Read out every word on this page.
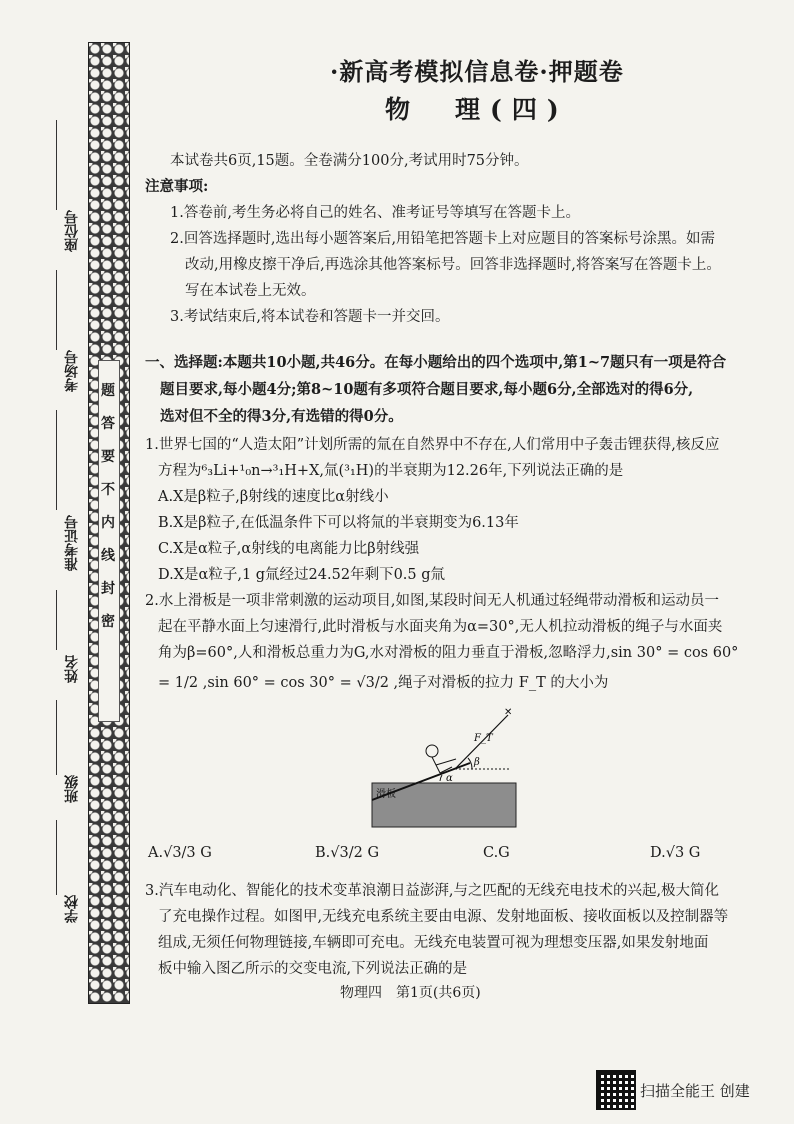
题
答
要
不
内
线
封
密
座位号
考场号
准考证号
姓名
班级
学校
·新高考模拟信息卷·押题卷
物　理(四)
本试卷共6页,15题。全卷满分100分,考试用时75分钟。
注意事项:
1.答卷前,考生务必将自己的姓名、准考证号等填写在答题卡上。
2.回答选择题时,选出每小题答案后,用铅笔把答题卡上对应题目的答案标号涂黑。如需
改动,用橡皮擦干净后,再选涂其他答案标号。回答非选择题时,将答案写在答题卡上。
写在本试卷上无效。
3.考试结束后,将本试卷和答题卡一并交回。
一、选择题:本题共10小题,共46分。在每小题给出的四个选项中,第1~7题只有一项是符合
题目要求,每小题4分;第8~10题有多项符合题目要求,每小题6分,全部选对的得6分,
选对但不全的得3分,有选错的得0分。
1.世界七国的“人造太阳”计划所需的氚在自然界中不存在,人们常用中子轰击锂获得,核反应
方程为⁶₃Li+¹₀n→³₁H+X,氚(³₁H)的半衰期为12.26年,下列说法正确的是
A.X是β粒子,β射线的速度比α射线小
B.X是β粒子,在低温条件下可以将氚的半衰期变为6.13年
C.X是α粒子,α射线的电离能力比β射线强
D.X是α粒子,1 g氚经过24.52年剩下0.5 g氚
2.水上滑板是一项非常刺激的运动项目,如图,某段时间无人机通过轻绳带动滑板和运动员一
起在平静水面上匀速滑行,此时滑板与水面夹角为α=30°,无人机拉动滑板的绳子与水面夹
角为β=60°,人和滑板总重力为G,水对滑板的阻力垂直于滑板,忽略浮力,sin 30° = cos 60°
= 1/2 ,sin 60° = cos 30° = √3/2 ,绳子对滑板的拉力 F_T 的大小为
滑板
F_T
α
β
✕
A.√3/3 G	B.√3/2 G	C.G	D.√3 G
3.汽车电动化、智能化的技术变革浪潮日益澎湃,与之匹配的无线充电技术的兴起,极大简化
了充电操作过程。如图甲,无线充电系统主要由电源、发射地面板、接收面板以及控制器等
组成,无须任何物理链接,车辆即可充电。无线充电装置可视为理想变压器,如果发射地面
板中输入图乙所示的交变电流,下列说法正确的是
物理四　第1页(共6页)
扫描全能王 创建
